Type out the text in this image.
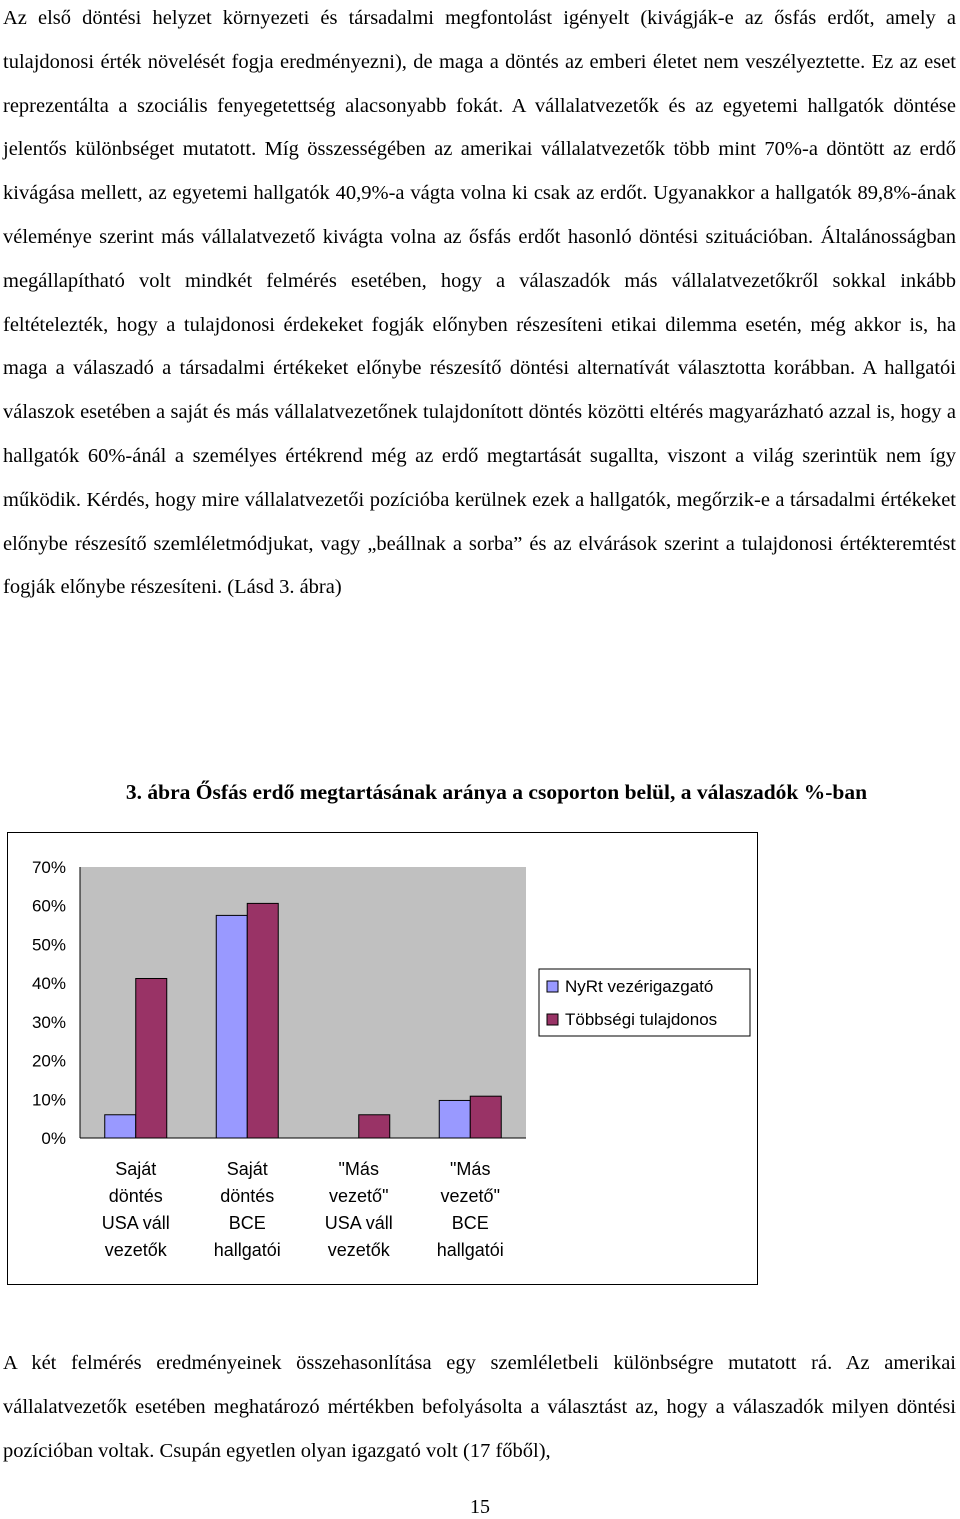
Az első döntési helyzet környezeti és társadalmi megfontolást igényelt (kivágják-e az ősfás erdőt, amely a tulajdonosi érték növelését fogja eredményezni), de maga a döntés az emberi életet nem veszélyeztette. Ez az eset reprezentálta a szociális fenyegetettség alacsonyabb fokát. A vállalatvezetők és az egyetemi hallgatók döntése jelentős különbséget mutatott. Míg összességében az amerikai vállalatvezetők több mint 70%-a döntött az erdő kivágása mellett, az egyetemi hallgatók 40,9%-a vágta volna ki csak az erdőt. Ugyanakkor a hallgatók 89,8%-ának véleménye szerint más vállalatvezető kivágta volna az ősfás erdőt hasonló döntési szituációban. Általánosságban megállapítható volt mindkét felmérés esetében, hogy a válaszadók más vállalatvezetőkről sokkal inkább feltételezték, hogy a tulajdonosi érdekeket fogják előnyben részesíteni etikai dilemma esetén, még akkor is, ha maga a válaszadó a társadalmi értékeket előnybe részesítő döntési alternatívát választotta korábban. A hallgatói válaszok esetében a saját és más vállalatvezetőnek tulajdonított döntés közötti eltérés magyarázható azzal is, hogy a hallgatók 60%-ánál a személyes értékrend még az erdő megtartását sugallta, viszont a világ szerintük nem így működik. Kérdés, hogy mire vállalatvezetői pozícióba kerülnek ezek a hallgatók, megőrzik-e a társadalmi értékeket előnybe részesítő szemléletmódjukat, vagy „beállnak a sorba” és az elvárások szerint a tulajdonosi értékteremtést fogják előnybe részesíteni. (Lásd 3. ábra)

3. ábra Ősfás erdő megtartásának aránya a csoporton belül, a válaszadók %-ban

0%
10%
20%
30%
40%
50%
60%
70%
Saját
döntés
USA váll
vezetők
Saját
döntés
BCE
hallgatói
"Más
vezető"
USA váll
vezetők
"Más
vezető"
BCE
hallgatói
NyRt vezérigazgató
Többségi tulajdonos

A két felmérés eredményeinek összehasonlítása egy szemléletbeli különbségre mutatott rá. Az amerikai vállalatvezetők esetében meghatározó mértékben befolyásolta a választást az, hogy a válaszadók milyen döntési pozícióban voltak. Csupán egyetlen olyan igazgató volt (17 főből),

15
